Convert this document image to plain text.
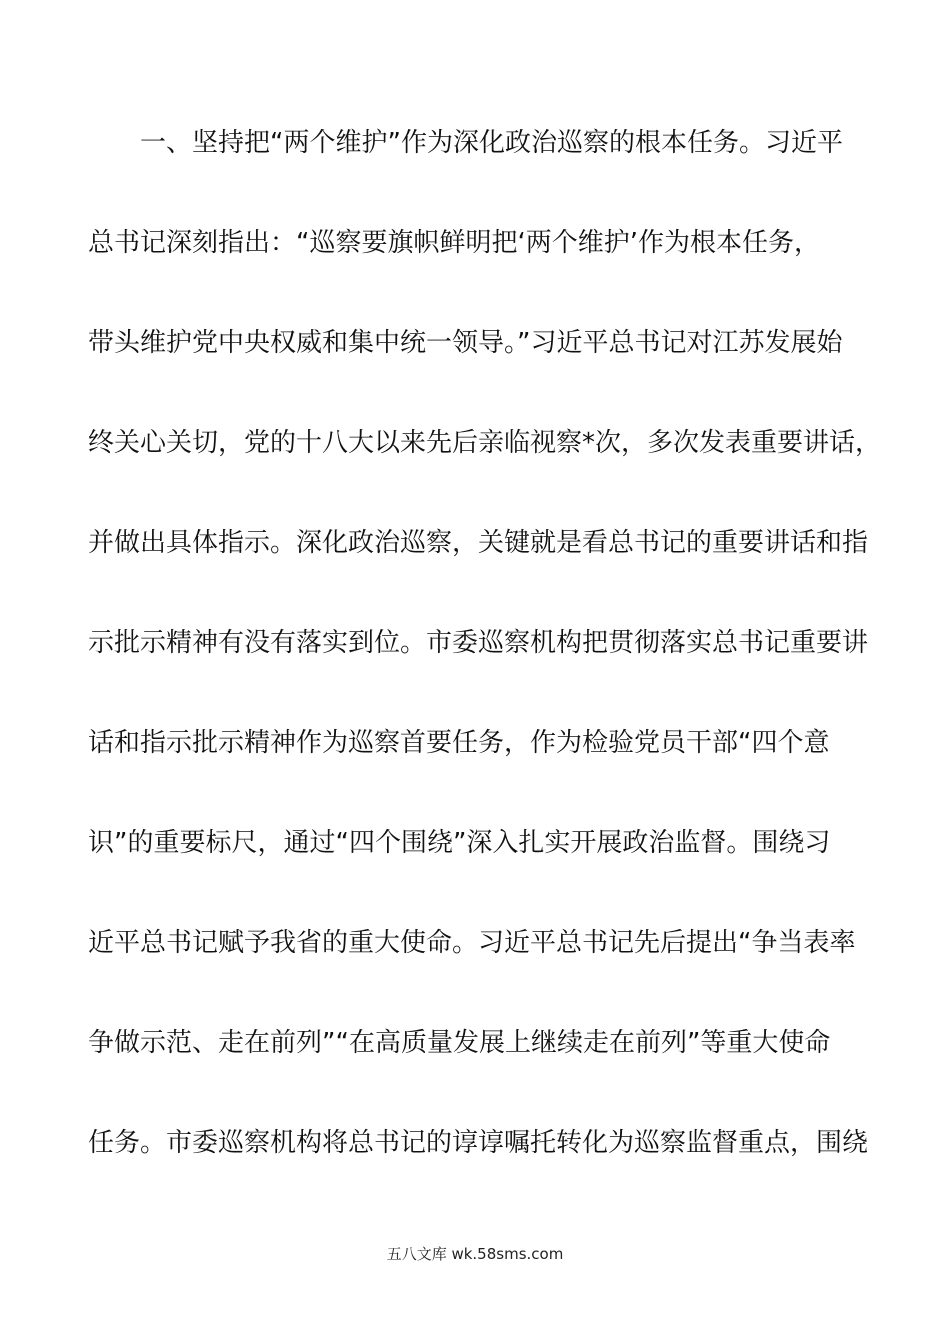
　　一、坚持把“两个维护”作为深化政治巡察的根本任务。习近平
总书记深刻指出：“巡察要旗帜鲜明把‘两个维护’作为根本任务，
带头维护党中央权威和集中统一领导。”习近平总书记对江苏发展始
终关心关切，党的十八大以来先后亲临视察*次，多次发表重要讲话，
并做出具体指示。深化政治巡察，关键就是看总书记的重要讲话和指
示批示精神有没有落实到位。市委巡察机构把贯彻落实总书记重要讲
话和指示批示精神作为巡察首要任务，作为检验党员干部“四个意
识”的重要标尺，通过“四个围绕”深入扎实开展政治监督。围绕习
近平总书记赋予我省的重大使命。习近平总书记先后提出“争当表率
争做示范、走在前列”“在高质量发展上继续走在前列”等重大使命
任务。市委巡察机构将总书记的谆谆嘱托转化为巡察监督重点，围绕
五八文库 wk.58sms.com
